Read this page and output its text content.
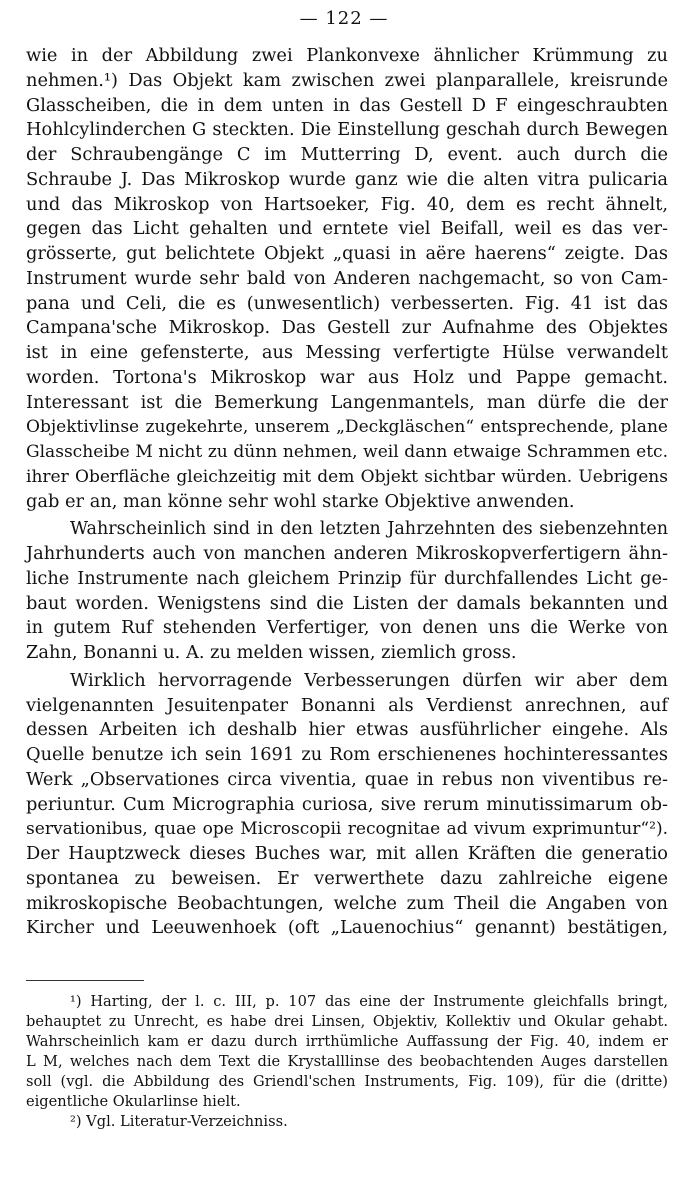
— 122 —
wie in der Abbildung zwei Plankonvexe ähnlicher Krümmung zu
nehmen.¹) Das Objekt kam zwischen zwei planparallele, kreisrunde
Glasscheiben, die in dem unten in das Gestell D F eingeschraubten
Hohlcylinderchen G steckten. Die Einstellung geschah durch Bewegen
der Schraubengänge C im Mutterring D, event. auch durch die
Schraube J. Das Mikroskop wurde ganz wie die alten vitra pulicaria
und das Mikroskop von Hartsoeker, Fig. 40, dem es recht ähnelt,
gegen das Licht gehalten und erntete viel Beifall, weil es das ver-
grösserte, gut belichtete Objekt „quasi in aëre haerens“ zeigte. Das
Instrument wurde sehr bald von Anderen nachgemacht, so von Cam-
pana und Celi, die es (unwesentlich) verbesserten. Fig. 41 ist das
Campana'sche Mikroskop. Das Gestell zur Aufnahme des Objektes
ist in eine gefensterte, aus Messing verfertigte Hülse verwandelt
worden. Tortona's Mikroskop war aus Holz und Pappe gemacht.
Interessant ist die Bemerkung Langenmantels, man dürfe die der
Objektivlinse zugekehrte, unserem „Deckgläschen“ entsprechende, plane
Glasscheibe M nicht zu dünn nehmen, weil dann etwaige Schrammen etc.
ihrer Oberfläche gleichzeitig mit dem Objekt sichtbar würden. Uebrigens
gab er an, man könne sehr wohl starke Objektive anwenden.
Wahrscheinlich sind in den letzten Jahrzehnten des siebenzehnten
Jahrhunderts auch von manchen anderen Mikroskopverfertigern ähn-
liche Instrumente nach gleichem Prinzip für durchfallendes Licht ge-
baut worden. Wenigstens sind die Listen der damals bekannten und
in gutem Ruf stehenden Verfertiger, von denen uns die Werke von
Zahn, Bonanni u. A. zu melden wissen, ziemlich gross.
Wirklich hervorragende Verbesserungen dürfen wir aber dem
vielgenannten Jesuitenpater Bonanni als Verdienst anrechnen, auf
dessen Arbeiten ich deshalb hier etwas ausführlicher eingehe. Als
Quelle benutze ich sein 1691 zu Rom erschienenes hochinteressantes
Werk „Observationes circa viventia, quae in rebus non viventibus re-
periuntur. Cum Micrographia curiosa, sive rerum minutissimarum ob-
servationibus, quae ope Microscopii recognitae ad vivum exprimuntur“²).
Der Hauptzweck dieses Buches war, mit allen Kräften die generatio
spontanea zu beweisen. Er verwerthete dazu zahlreiche eigene
mikroskopische Beobachtungen, welche zum Theil die Angaben von
Kircher und Leeuwenhoek (oft „Lauenochius“ genannt) bestätigen,
¹) Harting, der l. c. III, p. 107 das eine der Instrumente gleichfalls bringt,
behauptet zu Unrecht, es habe drei Linsen, Objektiv, Kollektiv und Okular gehabt.
Wahrscheinlich kam er dazu durch irrthümliche Auffassung der Fig. 40, indem er
L M, welches nach dem Text die Krystalllinse des beobachtenden Auges darstellen
soll (vgl. die Abbildung des Griendl'schen Instruments, Fig. 109), für die (dritte)
eigentliche Okularlinse hielt.
²) Vgl. Literatur-Verzeichniss.
